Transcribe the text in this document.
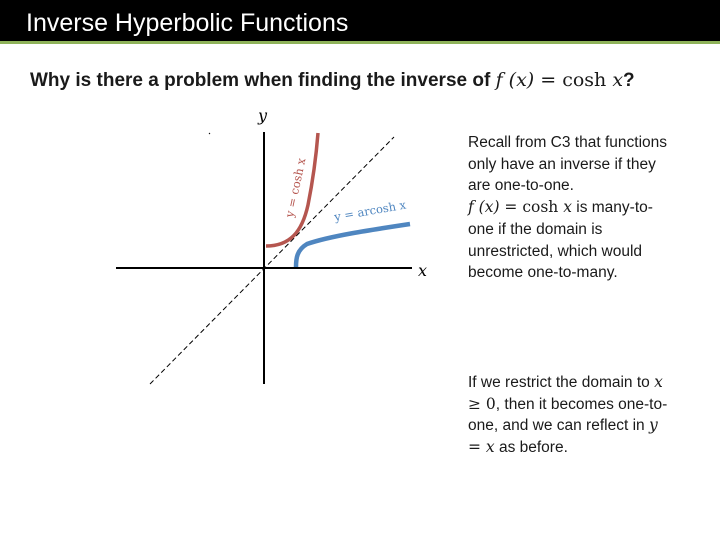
Inverse Hyperbolic Functions
Why is there a problem when finding the inverse of f (x) = cosh x?
y
x
y = cosh x y = arcosh x
Recall from C3 that functions only have an inverse if they are one-to-one.
f (x) = cosh x is many-to-one if the domain is unrestricted, which would become one-to-many.
If we restrict the domain to x ≥ 0, then it becomes one-to-one, and we can reflect in y = x as before.
